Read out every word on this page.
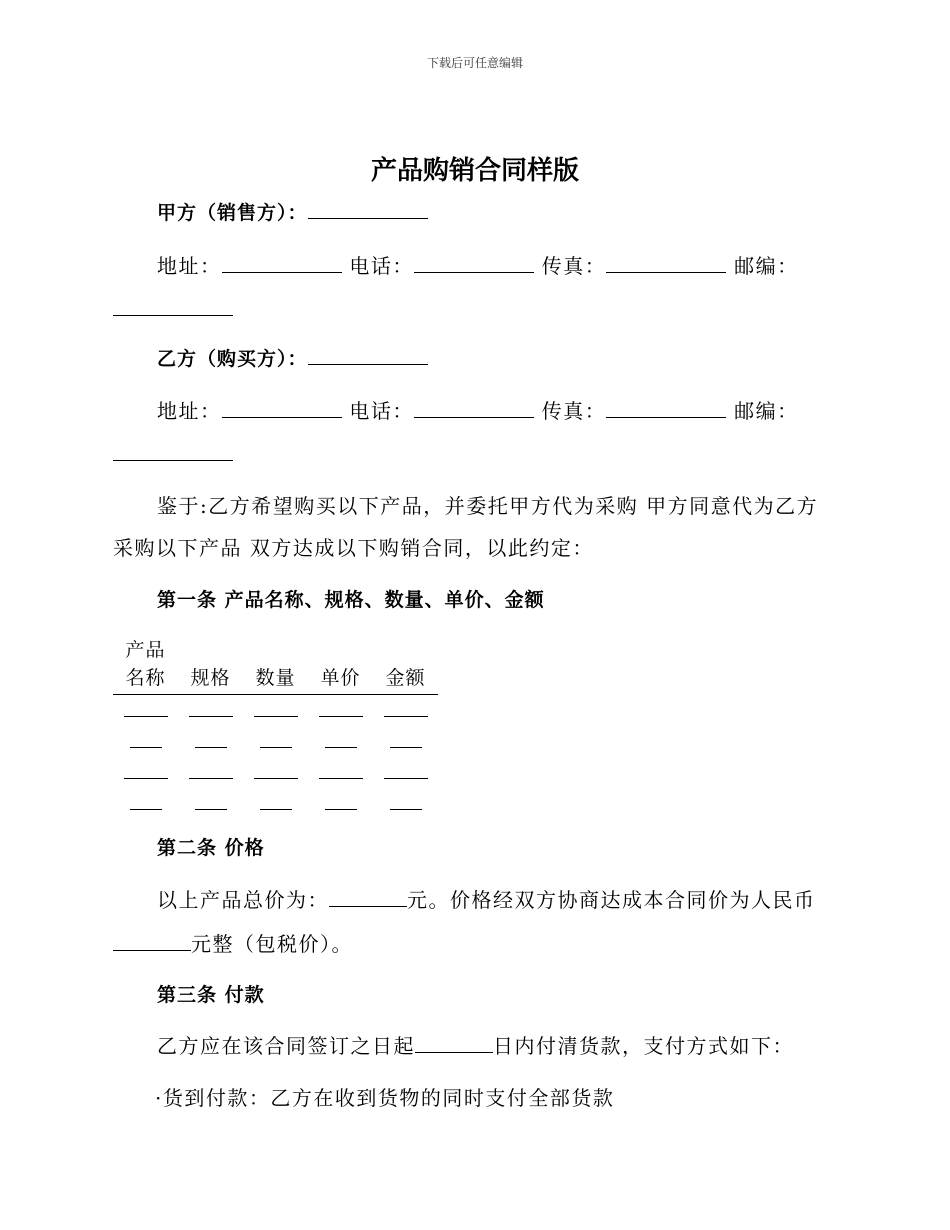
下载后可任意编辑
产品购销合同样版
甲方（销售方）：
地址：	电话：	传真：	邮编：
乙方（购买方）：
地址：	电话：	传真：	邮编：
鉴于:乙方希望购买以下产品，并委托甲方代为采购 甲方同意代为乙方
采购以下产品 双方达成以下购销合同，以此约定：
第一条 产品名称、规格、数量、单价、金额
产品
名称	规格	数量	单价	金额

第二条 价格
以上产品总价为：	元。价格经双方协商达成本合同价为人民币
元整（包税价）。
第三条 付款
乙方应在该合同签订之日起	日内付清货款，支付方式如下：
·货到付款：乙方在收到货物的同时支付全部货款
